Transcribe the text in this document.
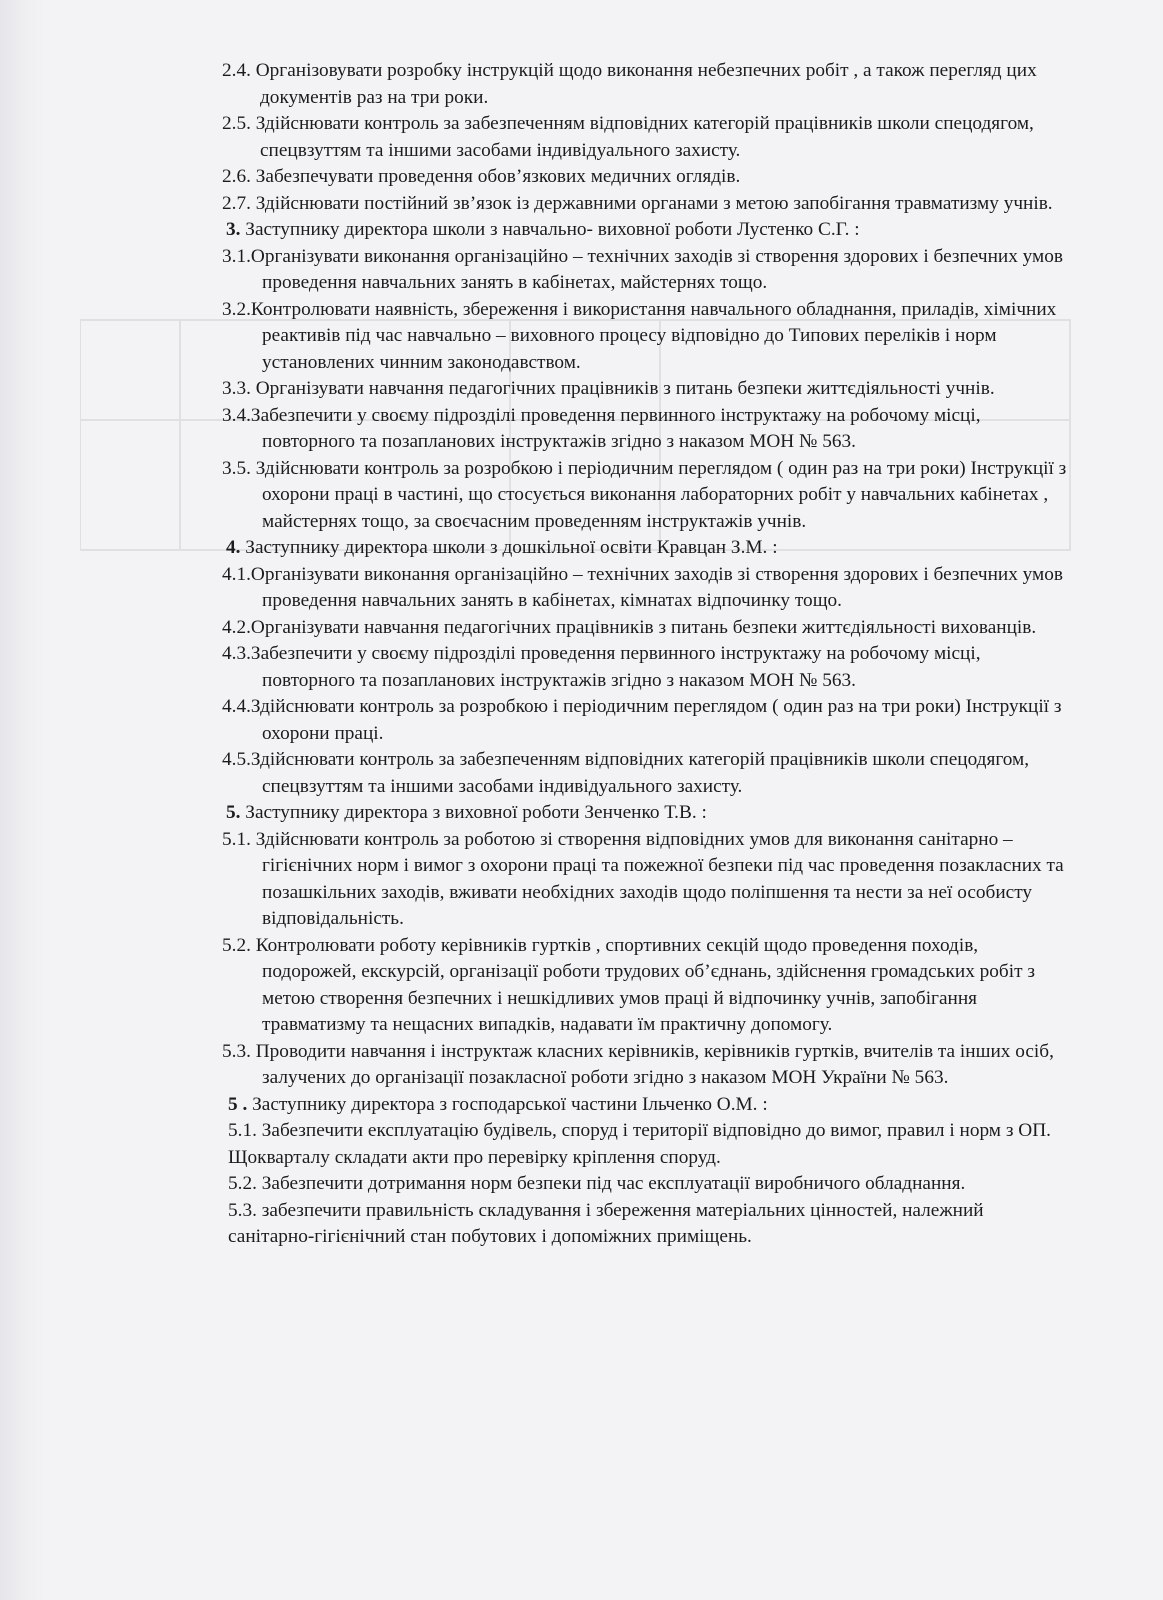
2.4. Організовувати розробку інструкцій щодо виконання небезпечних робіт , а також перегляд цих документів раз на три роки.

2.5. Здійснювати контроль за забезпеченням відповідних категорій працівників школи спецодягом, спецвзуттям та іншими засобами індивідуального захисту.

2.6. Забезпечувати проведення обов’язкових медичних оглядів.

2.7. Здійснювати постійний зв’язок із державними органами з метою запобігання травматизму учнів.

3. Заступнику директора школи з навчально- виховної роботи Лустенко С.Г. :

3.1.Організувати виконання організаційно – технічних заходів зі створення здорових і безпечних умов проведення навчальних занять в кабінетах, майстернях тощо.

3.2.Контролювати наявність, збереження і використання навчального обладнання, приладів, хімічних реактивів під час навчально – виховного процесу відповідно до Типових переліків і норм установлених чинним законодавством.

3.3. Організувати навчання педагогічних працівників з питань безпеки життєдіяльності учнів.

3.4.Забезпечити у своєму підрозділі проведення первинного інструктажу на робочому місці, повторного та позапланових інструктажів згідно з наказом МОН № 563.

3.5. Здійснювати контроль за розробкою і періодичним переглядом ( один раз на три роки) Інструкції з охорони праці в частині, що стосується виконання лабораторних робіт у навчальних кабінетах , майстернях тощо, за своєчасним проведенням інструктажів учнів.

4. Заступнику директора школи з дошкільної освіти Кравцан З.М. :

4.1.Організувати виконання організаційно – технічних заходів зі створення здорових і безпечних умов проведення навчальних занять в кабінетах, кімнатах відпочинку тощо.

4.2.Організувати навчання педагогічних працівників з питань безпеки життєдіяльності вихованців.

4.3.Забезпечити у своєму підрозділі проведення первинного інструктажу на робочому місці, повторного та позапланових інструктажів згідно з наказом МОН № 563.

4.4.Здійснювати контроль за розробкою і періодичним переглядом ( один раз на три роки) Інструкції з охорони праці.

4.5.Здійснювати контроль за забезпеченням відповідних категорій працівників школи спецодягом, спецвзуттям та іншими засобами індивідуального захисту.

5. Заступнику директора з виховної роботи Зенченко Т.В. :

5.1. Здійснювати контроль за роботою зі створення відповідних умов для виконання санітарно – гігієнічних норм і вимог з охорони праці та пожежної безпеки під час проведення позакласних та позашкільних заходів, вживати необхідних заходів щодо поліпшення та нести за неї особисту відповідальність.

5.2. Контролювати роботу керівників гуртків , спортивних секцій щодо проведення походів, подорожей, екскурсій, організації роботи трудових об’єднань, здійснення громадських робіт з метою створення безпечних і нешкідливих умов праці й відпочинку учнів, запобігання травматизму та нещасних випадків, надавати їм практичну допомогу.

5.3. Проводити навчання і інструктаж класних керівників, керівників гуртків, вчителів та інших осіб, залучених до організації позакласної роботи згідно з наказом МОН України № 563.

5 . Заступнику директора з господарської частини Ільченко О.М. :

5.1. Забезпечити експлуатацію будівель, споруд і території відповідно до вимог, правил і норм з ОП. Щокварталу складати акти про перевірку кріплення споруд.

5.2. Забезпечити дотримання норм безпеки під час експлуатації виробничого обладнання.

5.3. забезпечити правильність складування і збереження матеріальних цінностей, належний санітарно-гігієнічний стан побутових і допоміжних приміщень.
